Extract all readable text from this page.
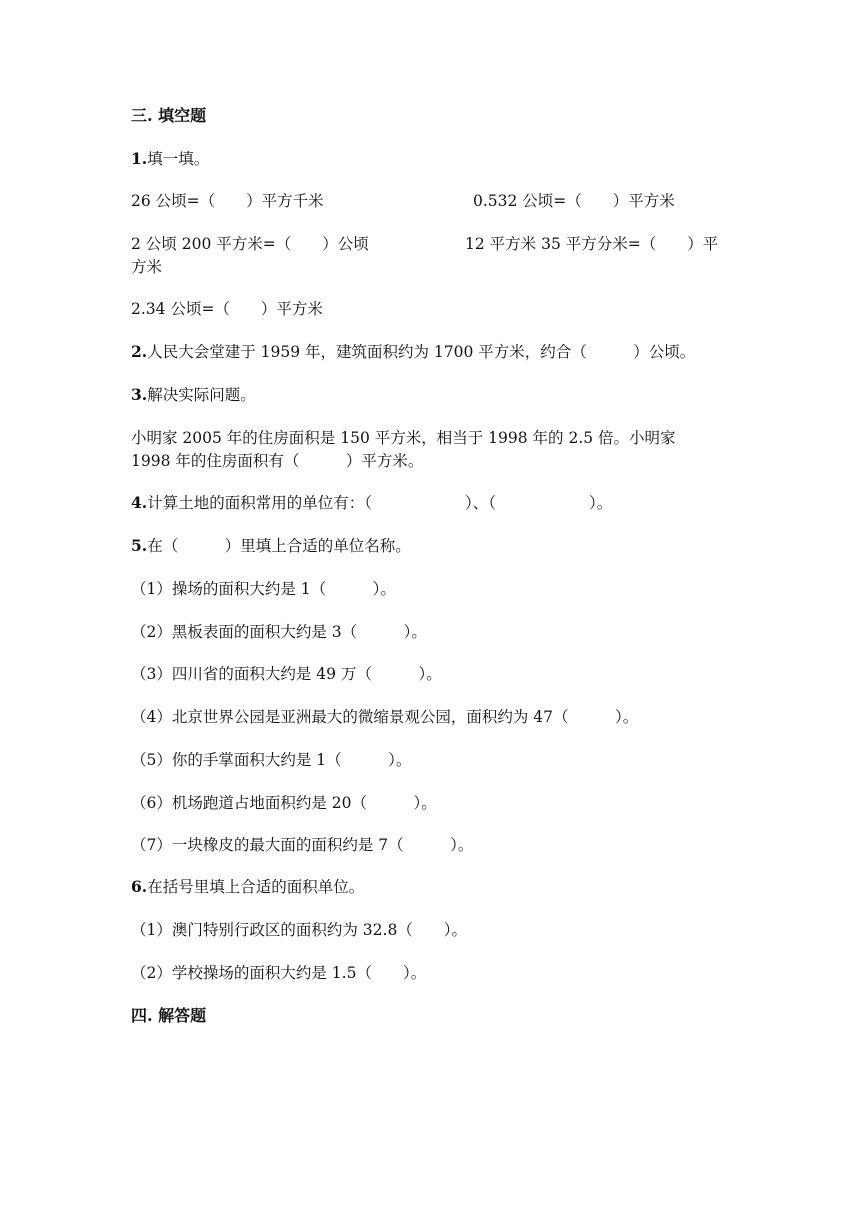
三. 填空题
1.填一填。
26 公顷=（　　）平方千米	0.532 公顷=（　　）平方米
2 公顷 200 平方米=（　　）公顷	12 平方米 35 平方分米=（　　）平
方米
2.34 公顷=（　　）平方米
2.人民大会堂建于 1959 年，建筑面积约为 1700 平方米，约合（　　　）公顷。
3.解决实际问题。
小明家 2005 年的住房面积是 150 平方米，相当于 1998 年的 2.5 倍。小明家
1998 年的住房面积有（　　　）平方米。
4.计算土地的面积常用的单位有：（　　　　　　）、（　　　　　　）。
5.在（　　　）里填上合适的单位名称。
（1）操场的面积大约是 1（　　　）。
（2）黑板表面的面积大约是 3（　　　）。
（3）四川省的面积大约是 49 万（　　　）。
（4）北京世界公园是亚洲最大的微缩景观公园，面积约为 47（　　　）。
（5）你的手掌面积大约是 1（　　　）。
（6）机场跑道占地面积约是 20（　　　）。
（7）一块橡皮的最大面的面积约是 7（　　　）。
6.在括号里填上合适的面积单位。
（1）澳门特别行政区的面积约为 32.8（　　）。
（2）学校操场的面积大约是 1.5（　　）。
四. 解答题
